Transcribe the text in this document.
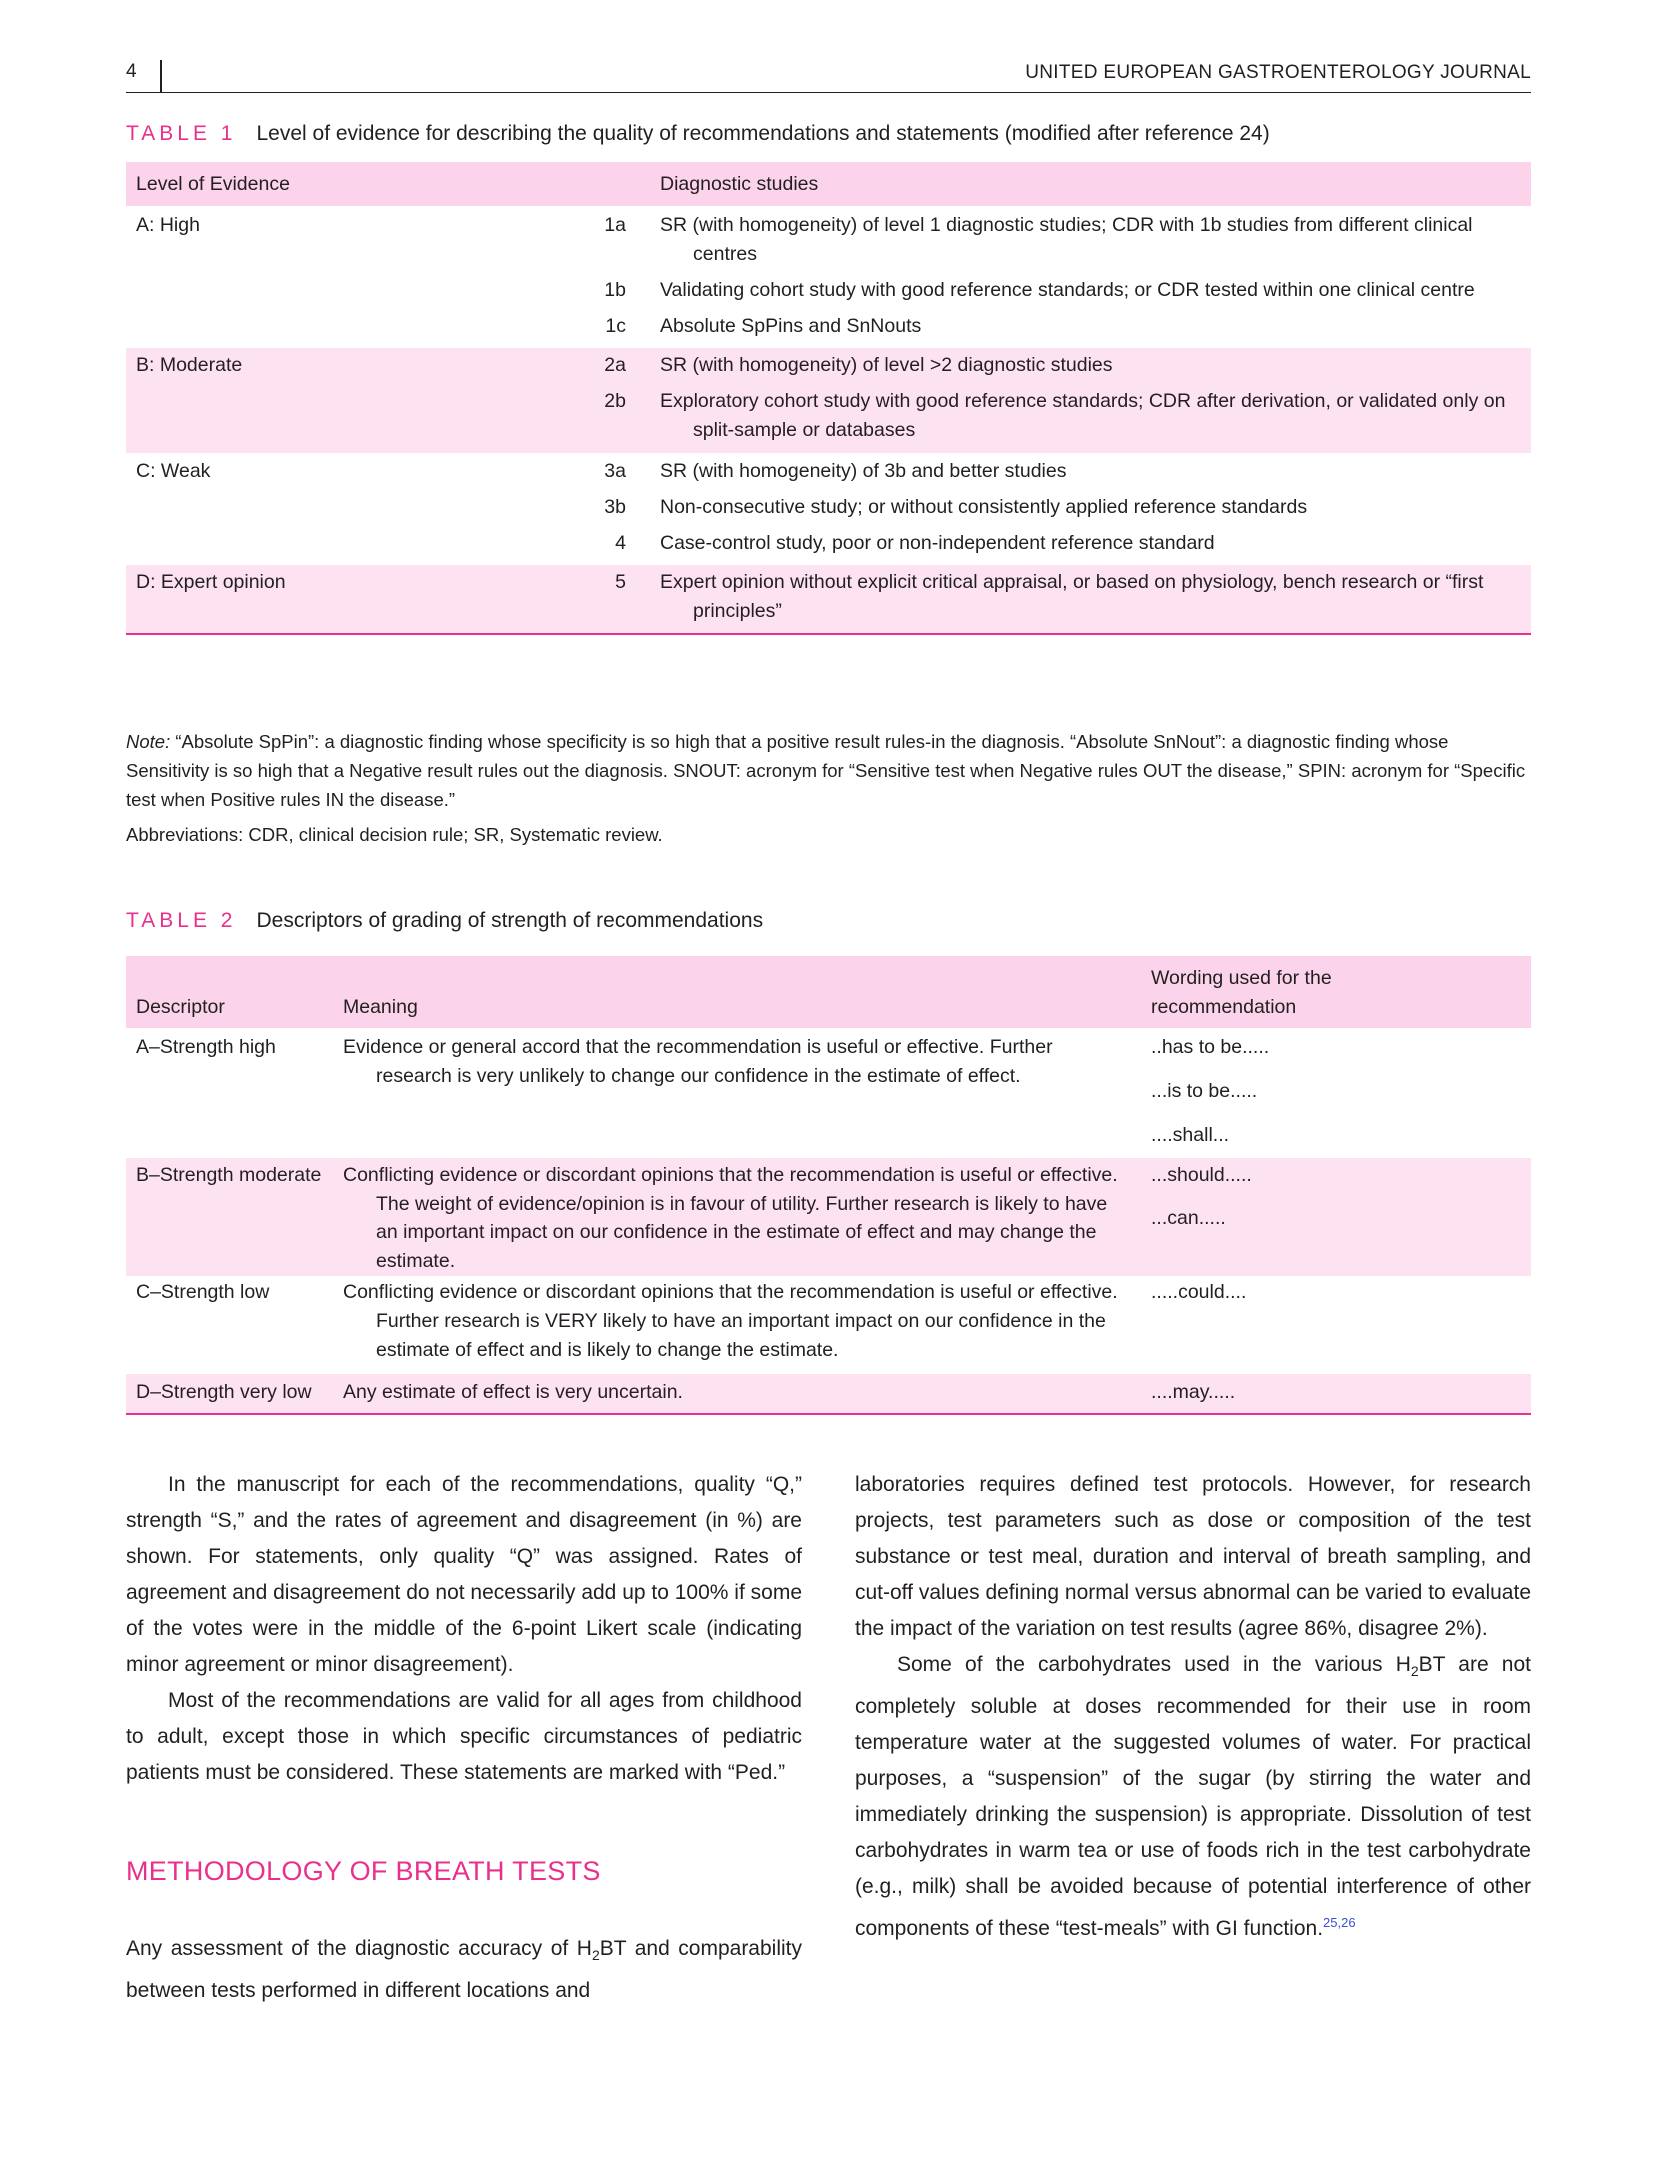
4	UNITED EUROPEAN GASTROENTEROLOGY JOURNAL
TABLE 1 Level of evidence for describing the quality of recommendations and statements (modified after reference 24)
Level of Evidence		Diagnostic studies
A: High	1a	SR (with homogeneity) of level 1 diagnostic studies; CDR with 1b studies from different clinical centres

	1b	Validating cohort study with good reference standards; or CDR tested within one clinical centre

	1c	Absolute SpPins and SnNouts

B: Moderate	2a	SR (with homogeneity) of level >2 diagnostic studies

	2b	Exploratory cohort study with good reference standards; CDR after derivation, or validated only on split-sample or databases

C: Weak	3a	SR (with homogeneity) of 3b and better studies

	3b	Non-consecutive study; or without consistently applied reference standards

	4	Case-control study, poor or non-independent reference standard

D: Expert opinion	5	Expert opinion without explicit critical appraisal, or based on physiology, bench research or “first principles”
Note: “Absolute SpPin”: a diagnostic finding whose specificity is so high that a positive result rules-in the diagnosis. “Absolute SnNout”: a diagnostic finding whose Sensitivity is so high that a Negative result rules out the diagnosis. SNOUT: acronym for “Sensitive test when Negative rules OUT the disease,” SPIN: acronym for “Specific test when Positive rules IN the disease.”
Abbreviations: CDR, clinical decision rule; SR, Systematic review.
TABLE 2 Descriptors of grading of strength of recommendations
Descriptor	Meaning	Wording used for the recommendation
A–Strength high	Evidence or general accord that the recommendation is useful or effective. Further research is very unlikely to change our confidence in the estimate of effect.	..has to be.....
...is to be.....
....shall...

B–Strength moderate	Conflicting evidence or discordant opinions that the recommendation is useful or effective. The weight of evidence/opinion is in favour of utility. Further research is likely to have an important impact on our confidence in the estimate of effect and may change the estimate.	...should.....
...can.....

C–Strength low	Conflicting evidence or discordant opinions that the recommendation is useful or effective. Further research is VERY likely to have an important impact on our confidence in the estimate of effect and is likely to change the estimate.	.....could....

D–Strength very low	Any estimate of effect is very uncertain.	....may.....

In the manuscript for each of the recommendations, quality “Q,” strength “S,” and the rates of agreement and disagreement (in %) are shown. For statements, only quality “Q” was assigned. Rates of agreement and disagreement do not necessarily add up to 100% if some of the votes were in the middle of the 6-point Likert scale (indicating minor agreement or minor disagreement).

Most of the recommendations are valid for all ages from childhood to adult, except those in which specific circumstances of pediatric patients must be considered. These statements are marked with “Ped.”

METHODOLOGY OF BREATH TESTS

Any assessment of the diagnostic accuracy of $H_2BT$ and comparability between tests performed in different locations and

laboratories requires defined test protocols. However, for research projects, test parameters such as dose or composition of the test substance or test meal, duration and interval of breath sampling, and cut-off values defining normal versus abnormal can be varied to evaluate the impact of the variation on test results (agree 86%, disagree 2%).

Some of the carbohydrates used in the various $H_2BT$ are not completely soluble at doses recommended for their use in room temperature water at the suggested volumes of water. For practical purposes, a “suspension” of the sugar (by stirring the water and immediately drinking the suspension) is appropriate. Dissolution of test carbohydrates in warm tea or use of foods rich in the test carbohydrate (e.g., milk) shall be avoided because of potential interference of other components of these “test-meals” with GI function.$^{25,26}$
